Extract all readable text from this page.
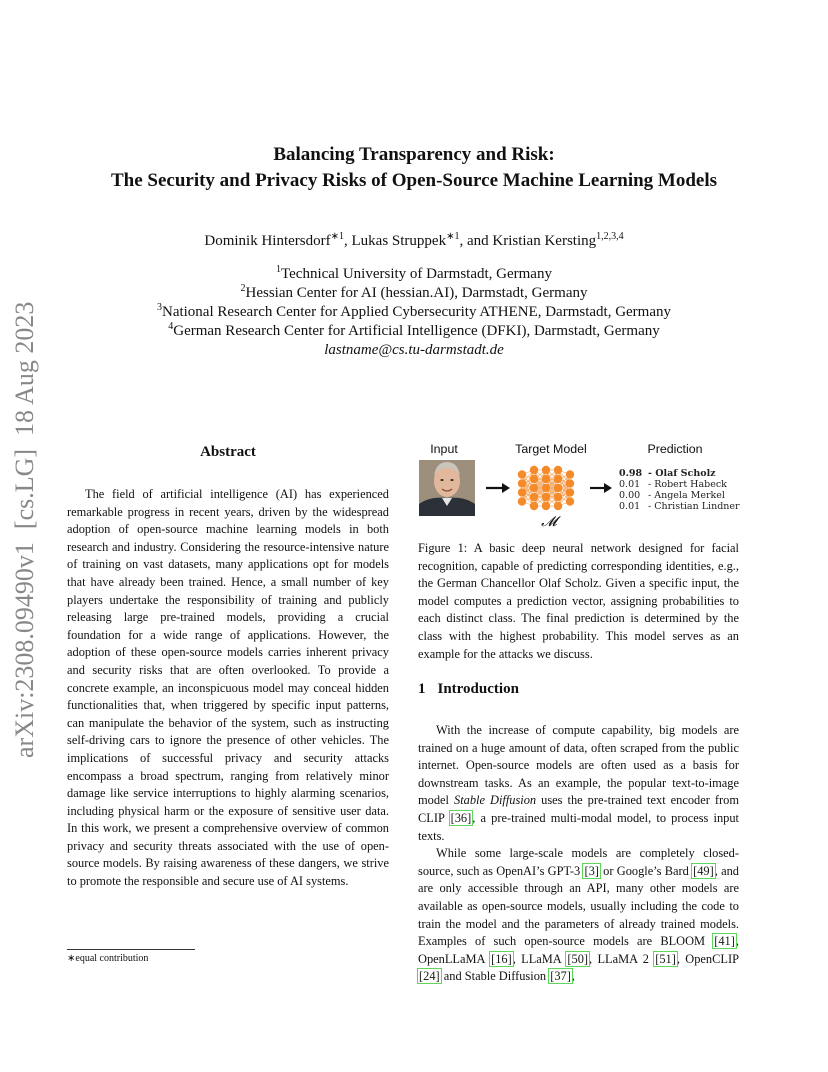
Balancing Transparency and Risk:
The Security and Privacy Risks of Open-Source Machine Learning Models
Dominik Hintersdorf$^{∗1}$, Lukas Struppek$^{∗1}$, and Kristian Kersting$^{1,2,3,4}$
$^1$Technical University of Darmstadt, Germany
$^2$Hessian Center for AI (hessian.AI), Darmstadt, Germany
$^3$National Research Center for Applied Cybersecurity ATHENE, Darmstadt, Germany
$^4$German Research Center for Artificial Intelligence (DFKI), Darmstadt, Germany
lastname@cs.tu-darmstadt.de
arXiv:2308.09490v1  [cs.LG]  18 Aug 2023	Abstract
The field of artificial intelligence (AI) has experienced remarkable progress in recent years, driven by the widespread adoption of open-source machine learning models in both research and industry. Considering the resource-intensive nature of training on vast datasets, many applications opt for models that have already been trained. Hence, a small number of key players undertake the responsibility of training and publicly releasing large pre-trained models, providing a crucial foundation for a wide range of applications. However, the adoption of these open-source models carries inherent privacy and security risks that are often overlooked. To provide a concrete example, an inconspicuous model may conceal hidden functionalities that, when triggered by specific input patterns, can manipulate the behavior of the system, such as instructing self-driving cars to ignore the presence of other vehicles. The implications of successful privacy and security attacks encompass a broad spectrum, ranging from relatively minor damage like service interruptions to highly alarming scenarios, including physical harm or the exposure of sensitive user data. In this work, we present a comprehensive overview of common privacy and security threats associated with the use of open-source models. By raising awareness of these dangers, we strive to promote the responsible and secure use of AI systems.
∗equal contribution
Input	Target Model	Prediction
𝓜
0.98 - Olaf Scholz
0.01 - Robert Habeck
0.00 - Angela Merkel
0.01 - Christian Lindner
Figure 1: A basic deep neural network designed for facial recognition, capable of predicting corresponding identities, e.g., the German Chancellor Olaf Scholz. Given a specific input, the model computes a prediction vector, assigning probabilities to each distinct class. The final prediction is determined by the class with the highest probability. This model serves as an example for the attacks we discuss.
1 Introduction

With the increase of compute capability, big models are trained on a huge amount of data, often scraped from the public internet. Open-source models are often used as a basis for downstream tasks. As an example, the popular text-to-image model Stable Diffusion uses the pre-trained text encoder from CLIP [36], a pre-trained multi-modal model, to process input texts.

While some large-scale models are completely closed-source, such as OpenAI’s GPT-3 [3] or Google’s Bard [49], and are only accessible through an API, many other models are available as open-source models, usually including the code to train the model and the parameters of already trained models. Examples of such open-source models are BLOOM [41], OpenLLaMA [16], LLaMA [50], LLaMA 2 [51], OpenCLIP [24] and Stable Diffusion [37],
